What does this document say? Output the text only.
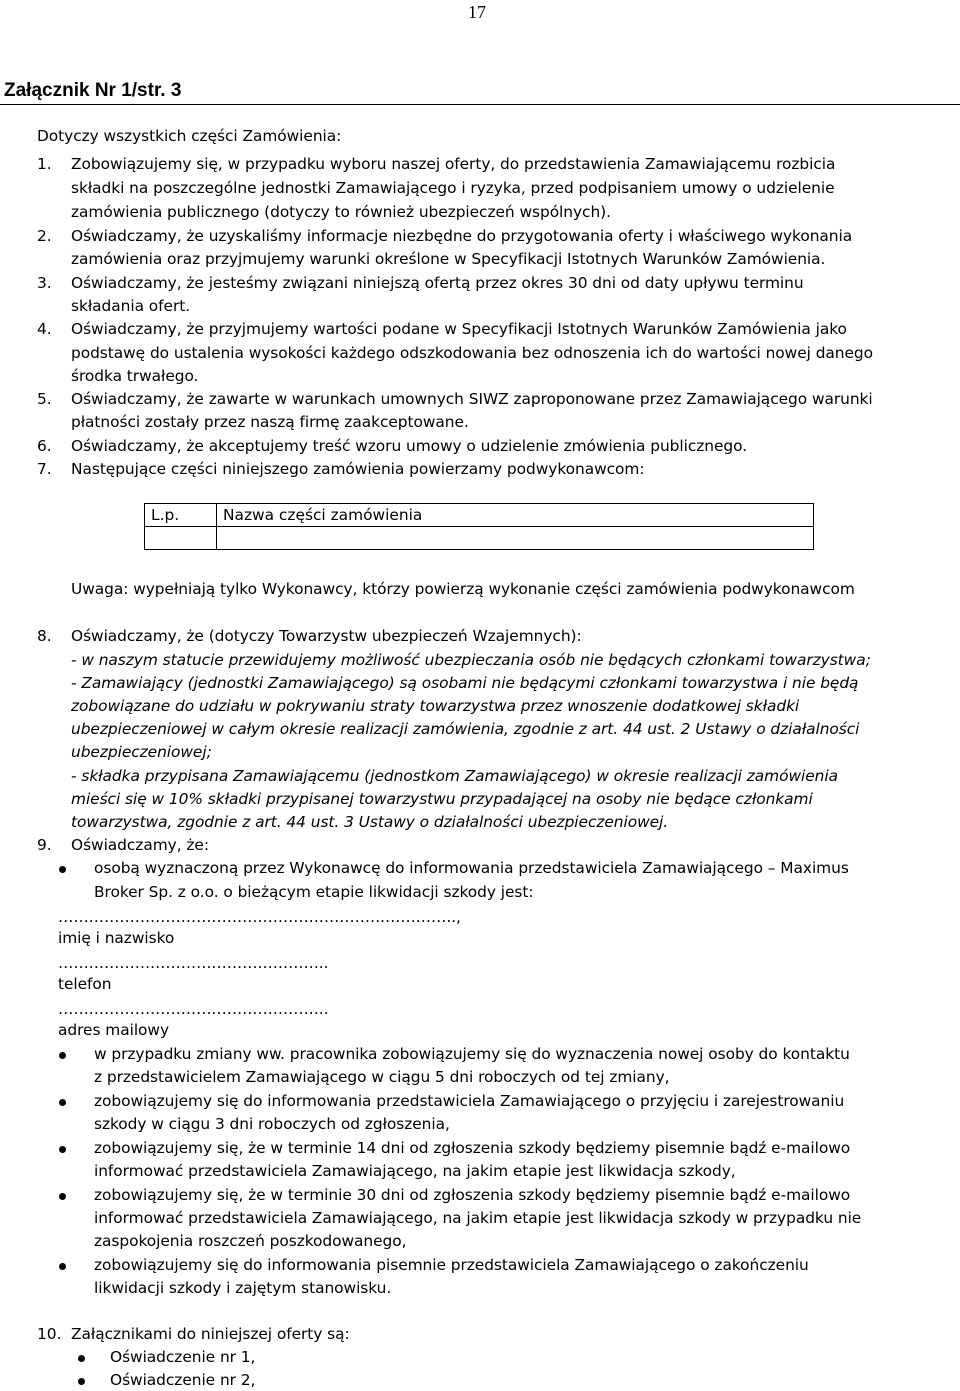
17
Załącznik Nr 1/str. 3
Dotyczy wszystkich części Zamówienia:
1. Zobowiązujemy się, w przypadku wyboru naszej oferty, do przedstawienia Zamawiającemu rozbicia
składki na poszczególne jednostki Zamawiającego i ryzyka, przed podpisaniem umowy o udzielenie
zamówienia publicznego (dotyczy to również ubezpieczeń wspólnych).
2. Oświadczamy, że uzyskaliśmy informacje niezbędne do przygotowania oferty i właściwego wykonania
zamówienia oraz przyjmujemy warunki określone w Specyfikacji Istotnych Warunków Zamówienia.
3. Oświadczamy, że jesteśmy związani niniejszą ofertą przez okres 30 dni od daty upływu terminu
składania ofert.
4. Oświadczamy, że przyjmujemy wartości podane w Specyfikacji Istotnych Warunków Zamówienia jako
podstawę do ustalenia wysokości każdego odszkodowania bez odnoszenia ich do wartości nowej danego
środka trwałego.
5. Oświadczamy, że zawarte w warunkach umownych SIWZ zaproponowane przez Zamawiającego warunki
płatności zostały przez naszą firmę zaakceptowane.
6. Oświadczamy, że akceptujemy treść wzoru umowy o udzielenie zmówienia publicznego.
7. Następujące części niniejszego zamówienia powierzamy podwykonawcom:
L.p.	Nazwa części zamówienia

Uwaga: wypełniają tylko Wykonawcy, którzy powierzą wykonanie części zamówienia podwykonawcom
8. Oświadczamy, że (dotyczy Towarzystw ubezpieczeń Wzajemnych):
- w naszym statucie przewidujemy możliwość ubezpieczania osób nie będących członkami towarzystwa;
- Zamawiający (jednostki Zamawiającego) są osobami nie będącymi członkami towarzystwa i nie będą
zobowiązane do udziału w pokrywaniu straty towarzystwa przez wnoszenie dodatkowej składki
ubezpieczeniowej w całym okresie realizacji zamówienia, zgodnie z art. 44 ust. 2 Ustawy o działalności
ubezpieczeniowej;
- składka przypisana Zamawiającemu (jednostkom Zamawiającego) w okresie realizacji zamówienia
mieści się w 10% składki przypisanej towarzystwu przypadającej na osoby nie będące członkami
towarzystwa, zgodnie z art. 44 ust. 3 Ustawy o działalności ubezpieczeniowej.
9. Oświadczamy, że:
osobą wyznaczoną przez Wykonawcę do informowania przedstawiciela Zamawiającego – Maximus
Broker Sp. z o.o. o bieżącym etapie likwidacji szkody jest:
……………………………………………………….…………..,
imię i nazwisko
……………………………………………..
telefon
……………………………………………..
adres mailowy
w przypadku zmiany ww. pracownika zobowiązujemy się do wyznaczenia nowej osoby do kontaktu
z przedstawicielem Zamawiającego w ciągu 5 dni roboczych od tej zmiany,
zobowiązujemy się do informowania przedstawiciela Zamawiającego o przyjęciu i zarejestrowaniu
szkody w ciągu 3 dni roboczych od zgłoszenia,
zobowiązujemy się, że w terminie 14 dni od zgłoszenia szkody będziemy pisemnie bądź e-mailowo
informować przedstawiciela Zamawiającego, na jakim etapie jest likwidacja szkody,
zobowiązujemy się, że w terminie 30 dni od zgłoszenia szkody będziemy pisemnie bądź e-mailowo
informować przedstawiciela Zamawiającego, na jakim etapie jest likwidacja szkody w przypadku nie
zaspokojenia roszczeń poszkodowanego,
zobowiązujemy się do informowania pisemnie przedstawiciela Zamawiającego o zakończeniu
likwidacji szkody i zajętym stanowisku.
10. Załącznikami do niniejszej oferty są:
Oświadczenie nr 1,
Oświadczenie nr 2,
